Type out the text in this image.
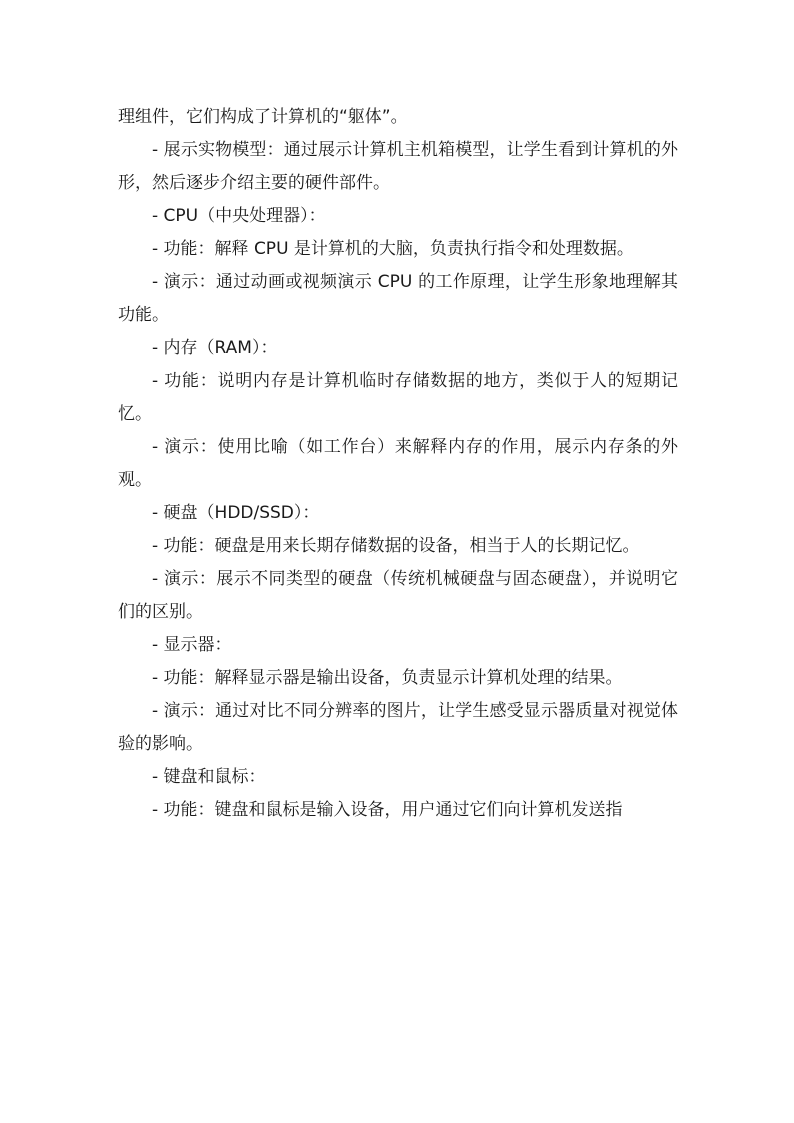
理组件，它们构成了计算机的“躯体”。

- 展示实物模型：通过展示计算机主机箱模型，让学生看到计算机的外形，然后逐步介绍主要的硬件部件。

- CPU（中央处理器）：

- 功能：解释 CPU 是计算机的大脑，负责执行指令和处理数据。

- 演示：通过动画或视频演示 CPU 的工作原理，让学生形象地理解其功能。

- 内存（RAM）：

- 功能：说明内存是计算机临时存储数据的地方，类似于人的短期记忆。

- 演示：使用比喻（如工作台）来解释内存的作用，展示内存条的外观。

- 硬盘（HDD/SSD）：

- 功能：硬盘是用来长期存储数据的设备，相当于人的长期记忆。

- 演示：展示不同类型的硬盘（传统机械硬盘与固态硬盘），并说明它们的区别。

- 显示器：

- 功能：解释显示器是输出设备，负责显示计算机处理的结果。

- 演示：通过对比不同分辨率的图片，让学生感受显示器质量对视觉体验的影响。

- 键盘和鼠标：

- 功能：键盘和鼠标是输入设备，用户通过它们向计算机发送指
